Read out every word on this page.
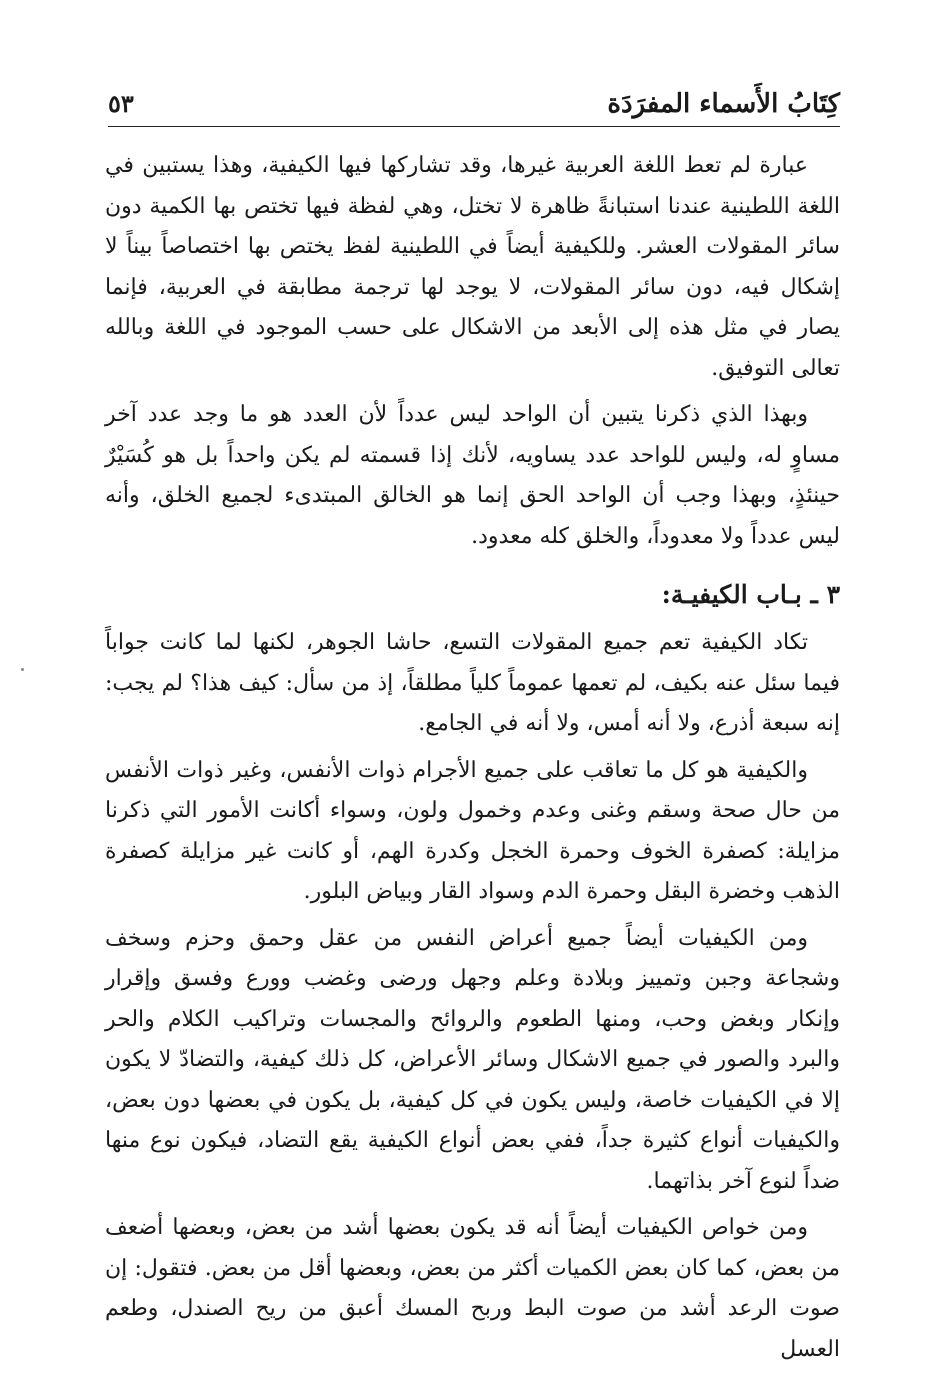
كِتَابُ الأَسماء المفرَدَة
٥٣

عبارة لم تعط اللغة العربية غيرها، وقد تشاركها فيها الكيفية، وهذا يستبين في اللغة اللطينية عندنا استبانةً ظاهرة لا تختل، وهي لفظة فيها تختص بها الكمية دون سائر المقولات العشر. وللكيفية أيضاً في اللطينية لفظ يختص بها اختصاصاً بيناً لا إشكال فيه، دون سائر المقولات، لا يوجد لها ترجمة مطابقة في العربية، فإنما يصار في مثل هذه إلى الأبعد من الاشكال على حسب الموجود في اللغة وبالله تعالى التوفيق.

وبهذا الذي ذكرنا يتبين أن الواحد ليس عدداً لأن العدد هو ما وجد عدد آخر مساوٍ له، وليس للواحد عدد يساويه، لأنك إذا قسمته لم يكن واحداً بل هو كُسَيْرٌ حينئذٍ، وبهذا وجب أن الواحد الحق إنما هو الخالق المبتدىء لجميع الخلق، وأنه ليس عدداً ولا معدوداً، والخلق كله معدود.

٣ ـ بـاب الكيفيـة:

تكاد الكيفية تعم جميع المقولات التسع، حاشا الجوهر، لكنها لما كانت جواباً فيما سئل عنه بكيف، لم تعمها عموماً كلياً مطلقاً، إذ من سأل: كيف هذا؟ لم يجب: إنه سبعة أذرع، ولا أنه أمس، ولا أنه في الجامع.

والكيفية هو كل ما تعاقب على جميع الأجرام ذوات الأنفس، وغير ذوات الأنفس من حال صحة وسقم وغنى وعدم وخمول ولون، وسواء أكانت الأمور التي ذكرنا مزايلة: كصفرة الخوف وحمرة الخجل وكدرة الهم، أو كانت غير مزايلة كصفرة الذهب وخضرة البقل وحمرة الدم وسواد القار وبياض البلور.

ومن الكيفيات أيضاً جميع أعراض النفس من عقل وحمق وحزم وسخف وشجاعة وجبن وتمييز وبلادة وعلم وجهل ورضى وغضب وورع وفسق وإقرار وإنكار وبغض وحب، ومنها الطعوم والروائح والمجسات وتراكيب الكلام والحر والبرد والصور في جميع الاشكال وسائر الأعراض، كل ذلك كيفية، والتضادّ لا يكون إلا في الكيفيات خاصة، وليس يكون في كل كيفية، بل يكون في بعضها دون بعض، والكيفيات أنواع كثيرة جداً، ففي بعض أنواع الكيفية يقع التضاد، فيكون نوع منها ضداً لنوع آخر بذاتهما.

ومن خواص الكيفيات أيضاً أنه قد يكون بعضها أشد من بعض، وبعضها أضعف من بعض، كما كان بعض الكميات أكثر من بعض، وبعضها أقل من بعض. فتقول: إن صوت الرعد أشد من صوت البط وربح المسك أعبق من ريح الصندل، وطعم العسل
